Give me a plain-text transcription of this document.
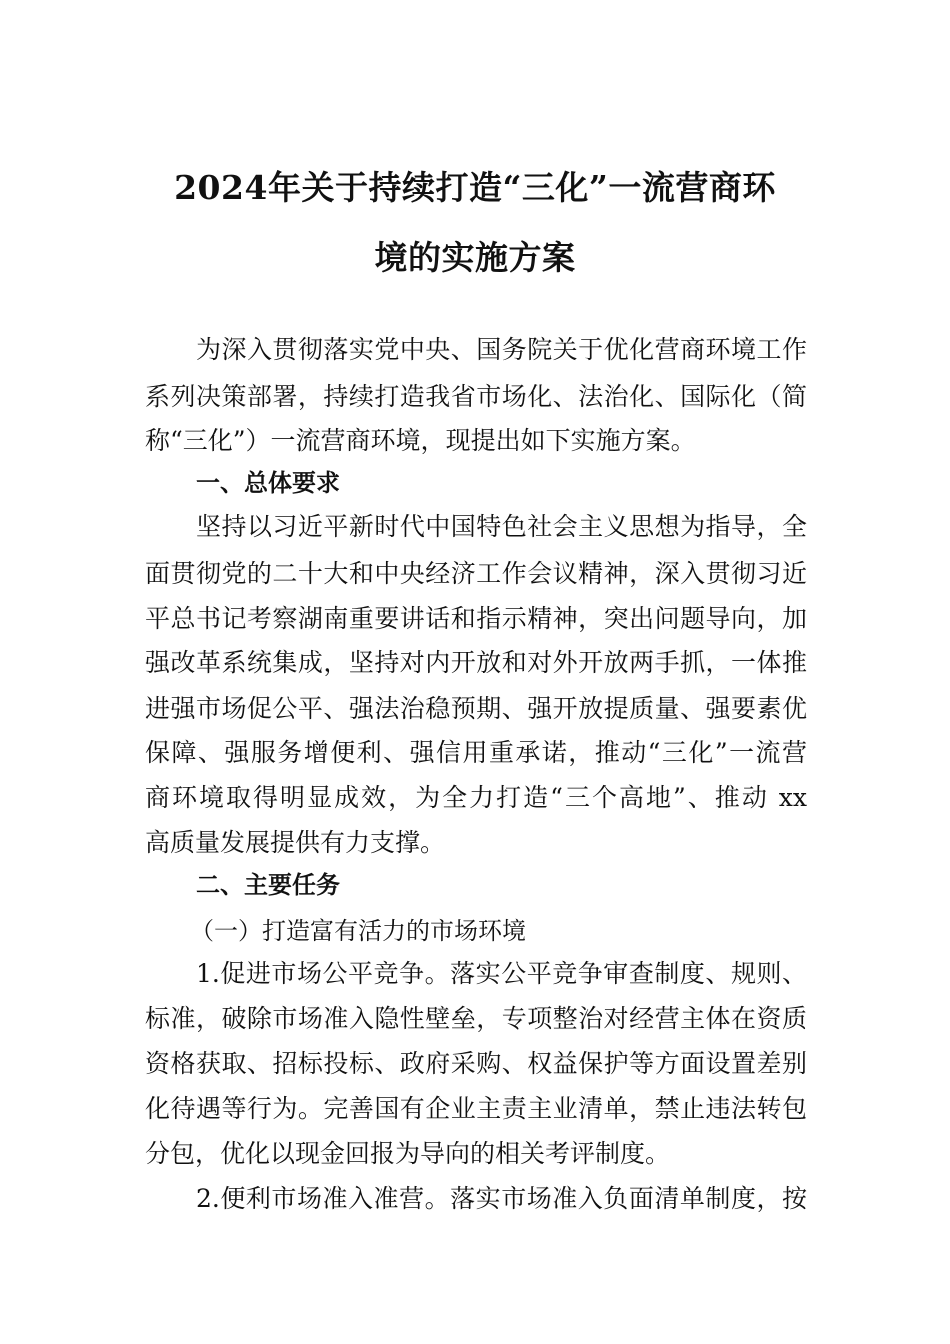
2024年关于持续打造“三化”一流营商环
境的实施方案
为深入贯彻落实党中央、国务院关于优化营商环境工作
系列决策部署，持续打造我省市场化、法治化、国际化（简
称“三化”）一流营商环境，现提出如下实施方案。
一、总体要求
坚持以习近平新时代中国特色社会主义思想为指导，全
面贯彻党的二十大和中央经济工作会议精神，深入贯彻习近
平总书记考察湖南重要讲话和指示精神，突出问题导向，加
强改革系统集成，坚持对内开放和对外开放两手抓，一体推
进强市场促公平、强法治稳预期、强开放提质量、强要素优
保障、强服务增便利、强信用重承诺，推动“三化”一流营
商环境取得明显成效，为全力打造“三个高地”、推动 xx
高质量发展提供有力支撑。
二、主要任务
（一）打造富有活力的市场环境
1.促进市场公平竞争。落实公平竞争审查制度、规则、
标准，破除市场准入隐性壁垒，专项整治对经营主体在资质
资格获取、招标投标、政府采购、权益保护等方面设置差别
化待遇等行为。完善国有企业主责主业清单，禁止违法转包
分包，优化以现金回报为导向的相关考评制度。
2.便利市场准入准营。落实市场准入负面清单制度，按
